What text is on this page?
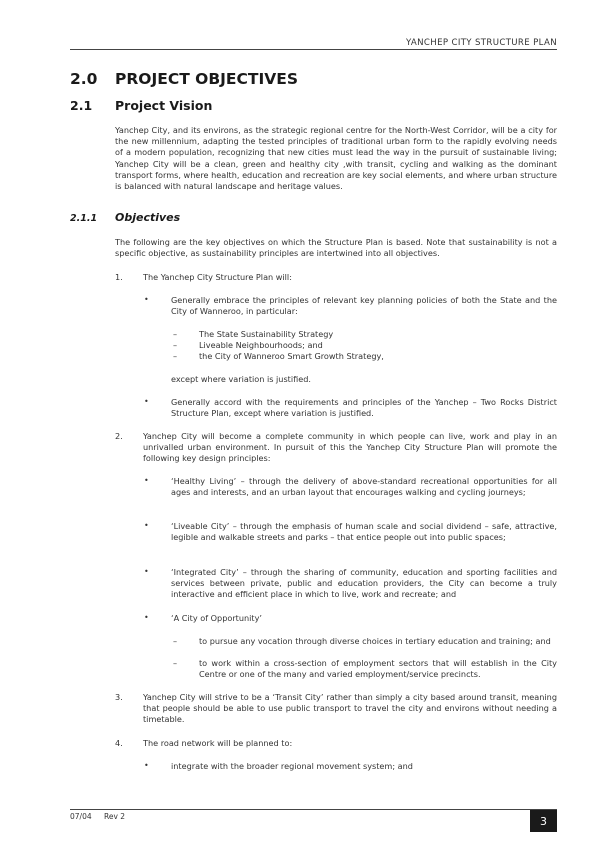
YANCHEP CITY STRUCTURE PLAN
2.0 PROJECT OBJECTIVES
2.1 Project Vision
Yanchep City, and its environs, as the strategic regional centre for the North-West Corridor, will be a city for the new millennium, adapting the tested principles of traditional urban form to the rapidly evolving needs of a modern population, recognizing that new cities must lead the way in the pursuit of sustainable living; Yanchep City will be a clean, green and healthy city ,with transit, cycling and walking as the dominant transport forms, where health, education and recreation are key social elements, and where urban structure is balanced with natural landscape and heritage values.
2.1.1 Objectives
The following are the key objectives on which the Structure Plan is based. Note that sustainability is not a specific objective, as sustainability principles are intertwined into all objectives.
1. The Yanchep City Structure Plan will:
•	Generally embrace the principles of relevant key planning policies of both the State and the City of Wanneroo, in particular:
–	The State Sustainability Strategy
–	Liveable Neighbourhoods; and
–	the City of Wanneroo Smart Growth Strategy,
except where variation is justified.
•	Generally accord with the requirements and principles of the Yanchep – Two Rocks District Structure Plan, except where variation is justified.
2. Yanchep City will become a complete community in which people can live, work and play in an unrivalled urban environment. In pursuit of this the Yanchep City Structure Plan will promote the following key design principles:
•	‘Healthy Living’ – through the delivery of above-standard recreational opportunities for all ages and interests, and an urban layout that encourages walking and cycling journeys;
•	‘Liveable City’ – through the emphasis of human scale and social dividend – safe, attractive, legible and walkable streets and parks – that entice people out into public spaces;
•	‘Integrated City’ – through the sharing of community, education and sporting facilities and services between private, public and education providers, the City can become a truly interactive and efficient place in which to live, work and recreate; and
•	‘A City of Opportunity’
–	to pursue any vocation through diverse choices in tertiary education and training; and
–	to work within a cross-section of employment sectors that will establish in the City Centre or one of the many and varied employment/service precincts.
3. Yanchep City will strive to be a ‘Transit City’ rather than simply a city based around transit, meaning that people should be able to use public transport to travel the city and environs without needing a timetable.
4. The road network will be planned to:
•	integrate with the broader regional movement system; and
07/04 Rev 2	3
